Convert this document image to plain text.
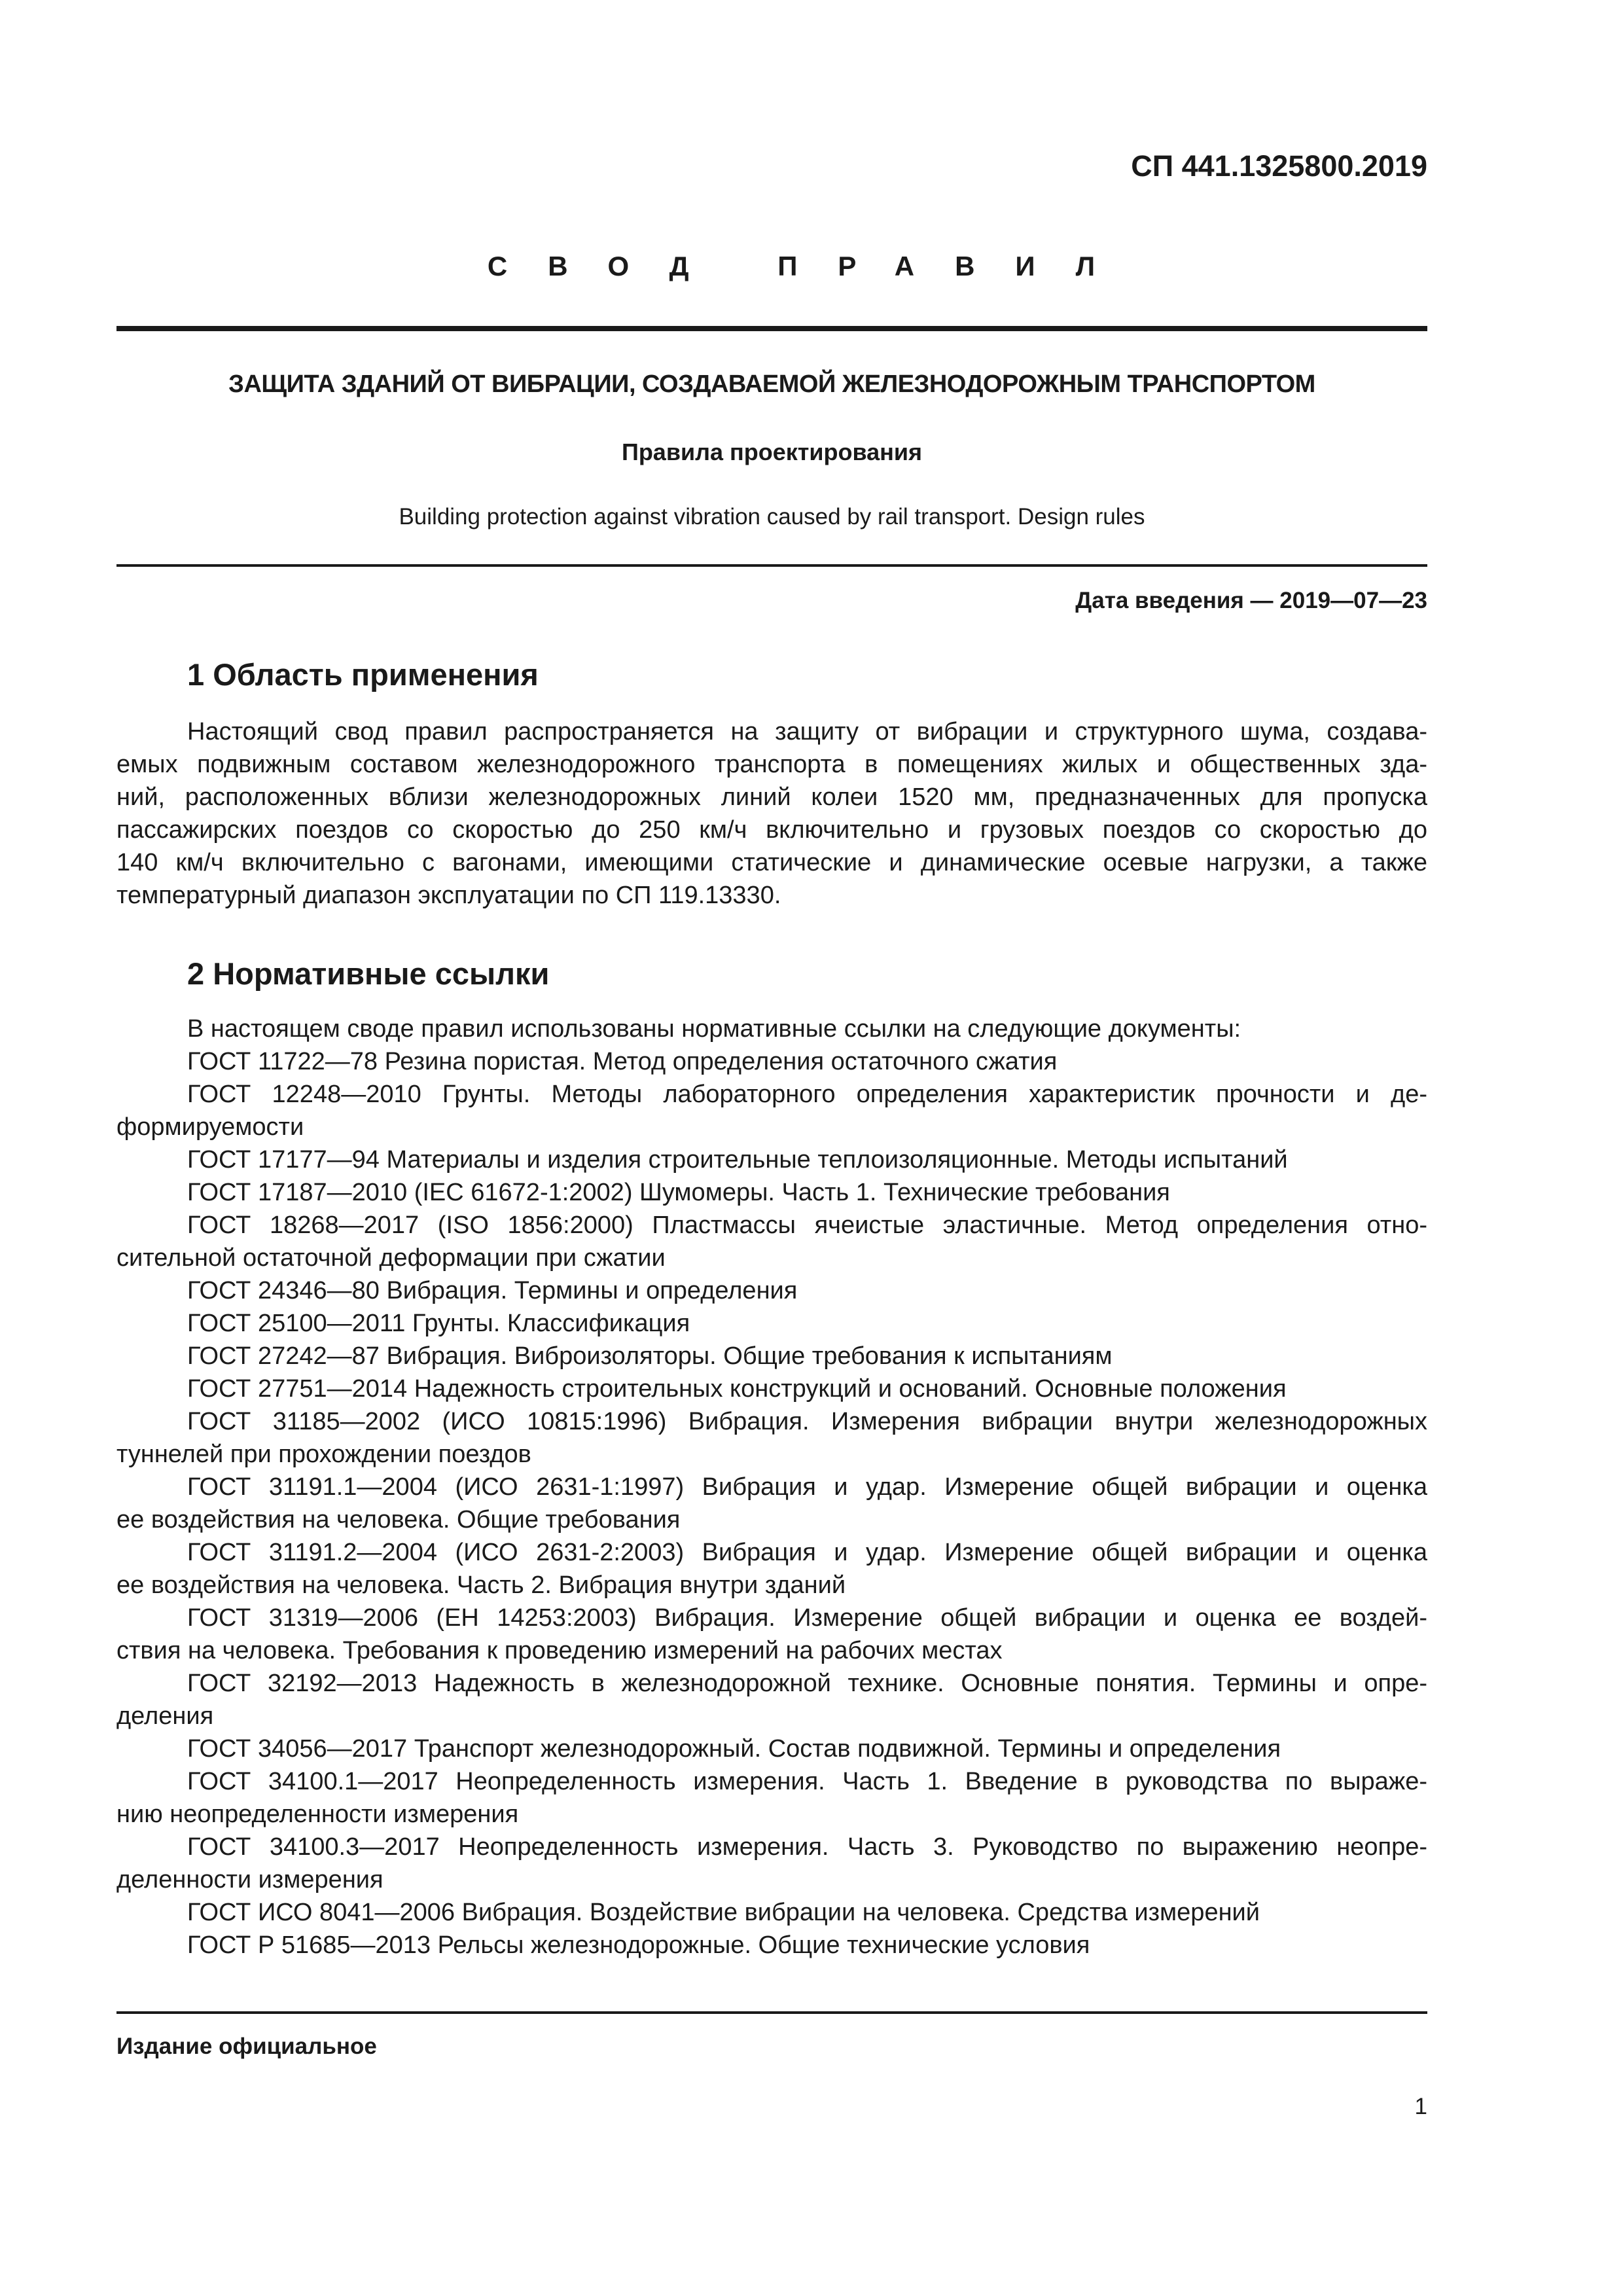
СП 441.1325800.2019
СВОД ПРАВИЛ
ЗАЩИТА ЗДАНИЙ ОТ ВИБРАЦИИ, СОЗДАВАЕМОЙ ЖЕЛЕЗНОДОРОЖНЫМ ТРАНСПОРТОМ
Правила проектирования
Building protection against vibration caused by rail transport. Design rules
Дата введения — 2019—07—23
1 Область применения
Настоящий свод правил распространяется на защиту от вибрации и структурного шума, создава-
емых подвижным составом железнодорожного транспорта в помещениях жилых и общественных зда-
ний, расположенных вблизи железнодорожных линий колеи 1520 мм, предназначенных для пропуска
пассажирских поездов со скоростью до 250 км/ч включительно и грузовых поездов со скоростью до
140 км/ч включительно с вагонами, имеющими статические и динамические осевые нагрузки, а также
температурный диапазон эксплуатации по СП 119.13330.
2 Нормативные ссылки
В настоящем своде правил использованы нормативные ссылки на следующие документы:
ГОСТ 11722—78 Резина пористая. Метод определения остаточного сжатия
ГОСТ 12248—2010 Грунты. Методы лабораторного определения характеристик прочности и де-
формируемости
ГОСТ 17177—94 Материалы и изделия строительные теплоизоляционные. Методы испытаний
ГОСТ 17187—2010 (IEC 61672-1:2002) Шумомеры. Часть 1. Технические требования
ГОСТ 18268—2017 (ISO 1856:2000) Пластмассы ячеистые эластичные. Метод определения отно-
сительной остаточной деформации при сжатии
ГОСТ 24346—80 Вибрация. Термины и определения
ГОСТ 25100—2011 Грунты. Классификация
ГОСТ 27242—87 Вибрация. Виброизоляторы. Общие требования к испытаниям
ГОСТ 27751—2014 Надежность строительных конструкций и оснований. Основные положения
ГОСТ 31185—2002 (ИСО 10815:1996) Вибрация. Измерения вибрации внутри железнодорожных
туннелей при прохождении поездов
ГОСТ 31191.1—2004 (ИСО 2631-1:1997) Вибрация и удар. Измерение общей вибрации и оценка
ее воздействия на человека. Общие требования
ГОСТ 31191.2—2004 (ИСО 2631-2:2003) Вибрация и удар. Измерение общей вибрации и оценка
ее воздействия на человека. Часть 2. Вибрация внутри зданий
ГОСТ 31319—2006 (ЕН 14253:2003) Вибрация. Измерение общей вибрации и оценка ее воздей-
ствия на человека. Требования к проведению измерений на рабочих местах
ГОСТ 32192—2013 Надежность в железнодорожной технике. Основные понятия. Термины и опре-
деления
ГОСТ 34056—2017 Транспорт железнодорожный. Состав подвижной. Термины и определения
ГОСТ 34100.1—2017 Неопределенность измерения. Часть 1. Введение в руководства по выраже-
нию неопределенности измерения
ГОСТ 34100.3—2017 Неопределенность измерения. Часть 3. Руководство по выражению неопре-
деленности измерения
ГОСТ ИСО 8041—2006 Вибрация. Воздействие вибрации на человека. Средства измерений
ГОСТ Р 51685—2013 Рельсы железнодорожные. Общие технические условия
Издание официальное
1
